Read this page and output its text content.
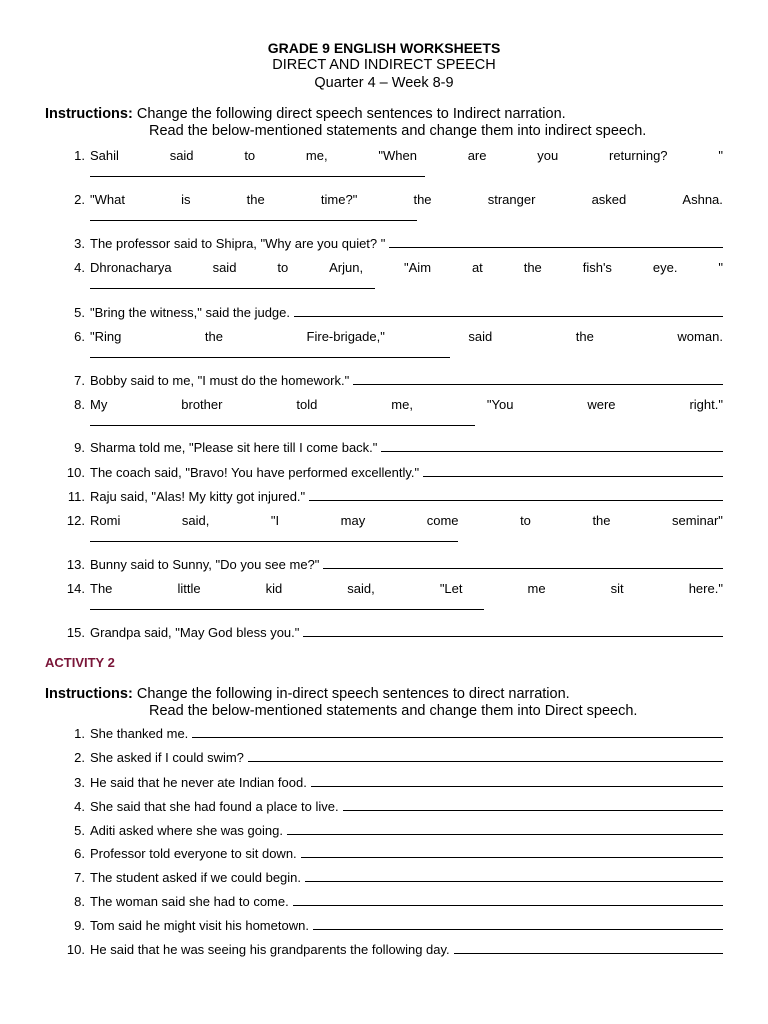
GRADE 9 ENGLISH WORKSHEETS
DIRECT AND INDIRECT SPEECH
Quarter 4 – Week 8-9
Instructions: Change the following direct speech sentences to Indirect narration.
Read the below-mentioned statements and change them into indirect speech.
1. Sahil	said	to	me,	"When	are	you	returning?	"
2. "What	is	the	time?"	the	stranger	asked	Ashna.
3. The professor said to Shipra, "Why are you quiet? "
4. Dhronacharya	said	to	Arjun,	"Aim	at	the	fish's	eye.	"
5. "Bring the witness," said the judge.
6. "Ring	the	Fire-brigade,"	said	the	woman.
7. Bobby said to me, "I must do the homework."
8. My	brother	told	me,	"You	were	right."
9. Sharma told me, "Please sit here till I come back."
10. The coach said, "Bravo! You have performed excellently."
11. Raju said, "Alas! My kitty got injured."
12. Romi	said,	"I	may	come	to	the	seminar"
13. Bunny said to Sunny, "Do you see me?"
14. The	little	kid	said,	"Let	me	sit	here."
15. Grandpa said, "May God bless you."
ACTIVITY 2
Instructions: Change the following in-direct speech sentences to direct narration.
Read the below-mentioned statements and change them into Direct speech.
1. She thanked me.
2. She asked if I could swim?
3. He said that he never ate Indian food.
4. She said that she had found a place to live.
5. Aditi asked where she was going.
6. Professor told everyone to sit down.
7. The student asked if we could begin.
8. The woman said she had to come.
9. Tom said he might visit his hometown.
10. He said that he was seeing his grandparents the following day.
